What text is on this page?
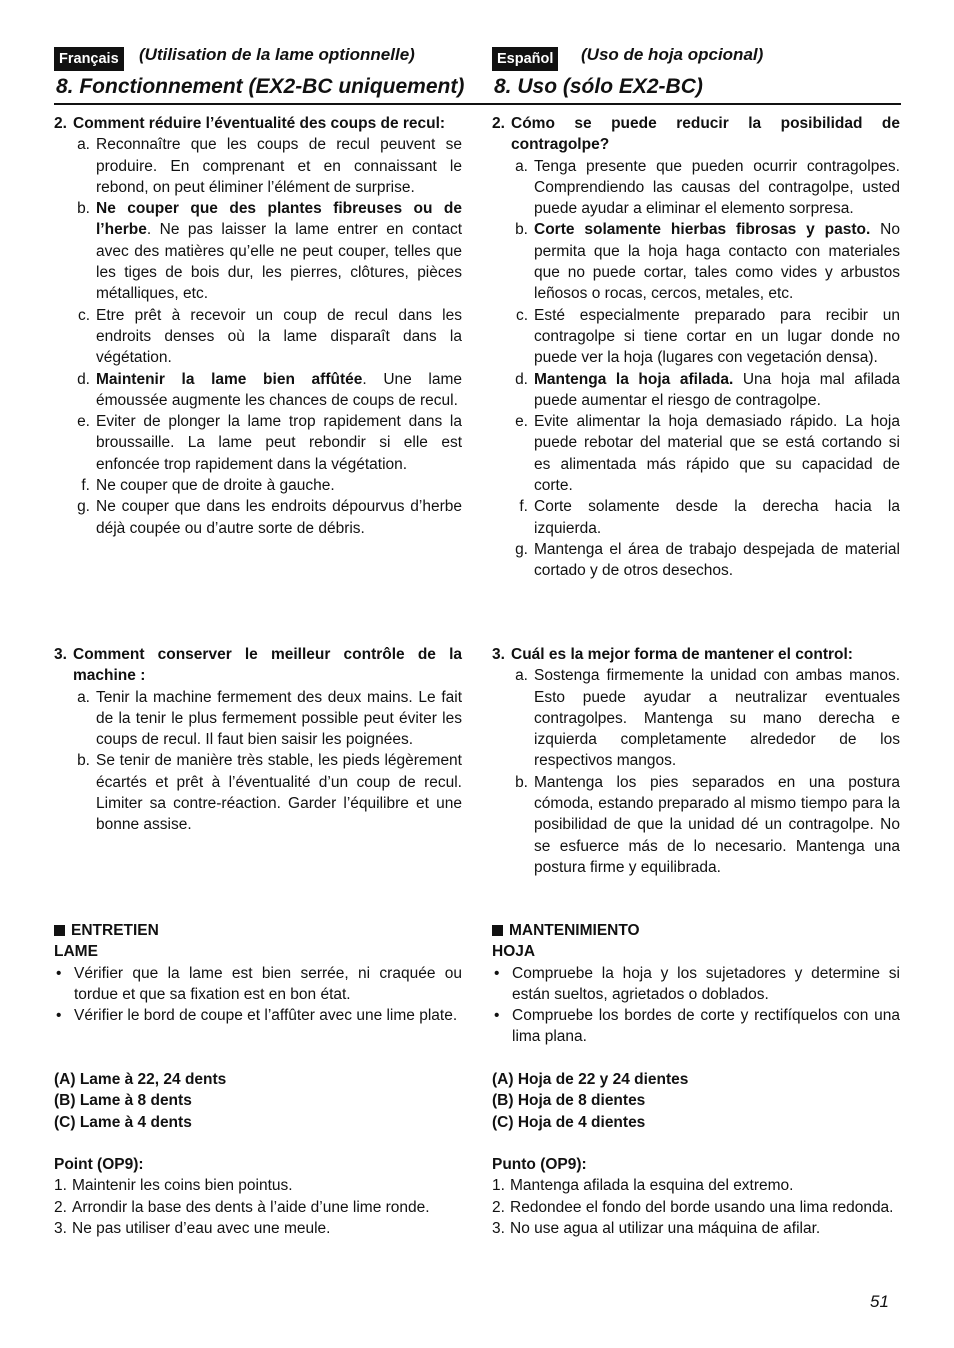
Français (Utilisation de la lame optionnelle)
8. Fonctionnement (EX2-BC uniquement)
Español (Uso de hoja opcional)
8. Uso (sólo EX2-BC)
2. Comment réduire l’éventualité des coups de recul:
a. Reconnaître que les coups de recul peuvent se produire. En comprenant et en connaissant le rebond, on peut éliminer l’élément de surprise.
b. Ne couper que des plantes fibreuses ou de l’herbe. Ne pas laisser la lame entrer en contact avec des matières qu’elle ne peut couper, telles que les tiges de bois dur, les pierres, clôtures, pièces métalliques, etc.
c. Etre prêt à recevoir un coup de recul dans les endroits denses où la lame disparaît dans la végétation.
d. Maintenir la lame bien affûtée. Une lame émoussée augmente les chances de coups de recul.
e. Eviter de plonger la lame trop rapidement dans la broussaille. La lame peut rebondir si elle est enfoncée trop rapidement dans la végétation.
f. Ne couper que de droite à gauche.
g. Ne couper que dans les endroits dépourvus d’herbe déjà coupée ou d’autre sorte de débris.
3. Comment conserver le meilleur contrôle de la machine :
a. Tenir la machine fermement des deux mains. Le fait de la tenir le plus fermement possible peut éviter les coups de recul. Il faut bien saisir les poignées.
b. Se tenir de manière très stable, les pieds légèrement écartés et prêt à l’éventualité d’un coup de recul. Limiter sa contre-réaction. Garder l’équilibre et une bonne assise.
ENTRETIEN
LAME
• Vérifier que la lame est bien serrée, ni craquée ou tordue et que sa fixation est en bon état.
• Vérifier le bord de coupe et l’affûter avec une lime plate.
(A) Lame à 22, 24 dents
(B) Lame à 8 dents
(C) Lame à 4 dents
Point (OP9):
1. Maintenir les coins bien pointus.
2. Arrondir la base des dents à l’aide d’une lime ronde.
3. Ne pas utiliser d’eau avec une meule.
2. Cómo se puede reducir la posibilidad de contragolpe?
a. Tenga presente que pueden ocurrir contragolpes. Comprendiendo las causas del contragolpe, usted puede ayudar a eliminar el elemento sorpresa.
b. Corte solamente hierbas fibrosas y pasto. No permita que la hoja haga contacto con materiales que no puede cortar, tales como vides y arbustos leñosos o rocas, cercos, metales, etc.
c. Esté especialmente preparado para recibir un contragolpe si tiene cortar en un lugar donde no puede ver la hoja (lugares con vegetación densa).
d. Mantenga la hoja afilada. Una hoja mal afilada puede aumentar el riesgo de contragolpe.
e. Evite alimentar la hoja demasiado rápido. La hoja puede rebotar del material que se está cortando si es alimentada más rápido que su capacidad de corte.
f. Corte solamente desde la derecha hacia la izquierda.
g. Mantenga el área de trabajo despejada de material cortado y de otros desechos.
3. Cuál es la mejor forma de mantener el control:
a. Sostenga firmemente la unidad con ambas manos. Esto puede ayudar a neutralizar eventuales contragolpes. Mantenga su mano derecha e izquierda completamente alrededor de los respectivos mangos.
b. Mantenga los pies separados en una postura cómoda, estando preparado al mismo tiempo para la posibilidad de que la unidad dé un contragolpe. No se esfuerce más de lo necesario. Mantenga una postura firme y equilibrada.
MANTENIMIENTO
HOJA
• Compruebe la hoja y los sujetadores y determine si están sueltos, agrietados o doblados.
• Compruebe los bordes de corte y rectifíquelos con una lima plana.
(A) Hoja de 22 y 24 dientes
(B) Hoja de 8 dientes
(C) Hoja de 4 dientes
Punto (OP9):
1. Mantenga afilada la esquina del extremo.
2. Redondee el fondo del borde usando una lima redonda.
3. No use agua al utilizar una máquina de afilar.
51
